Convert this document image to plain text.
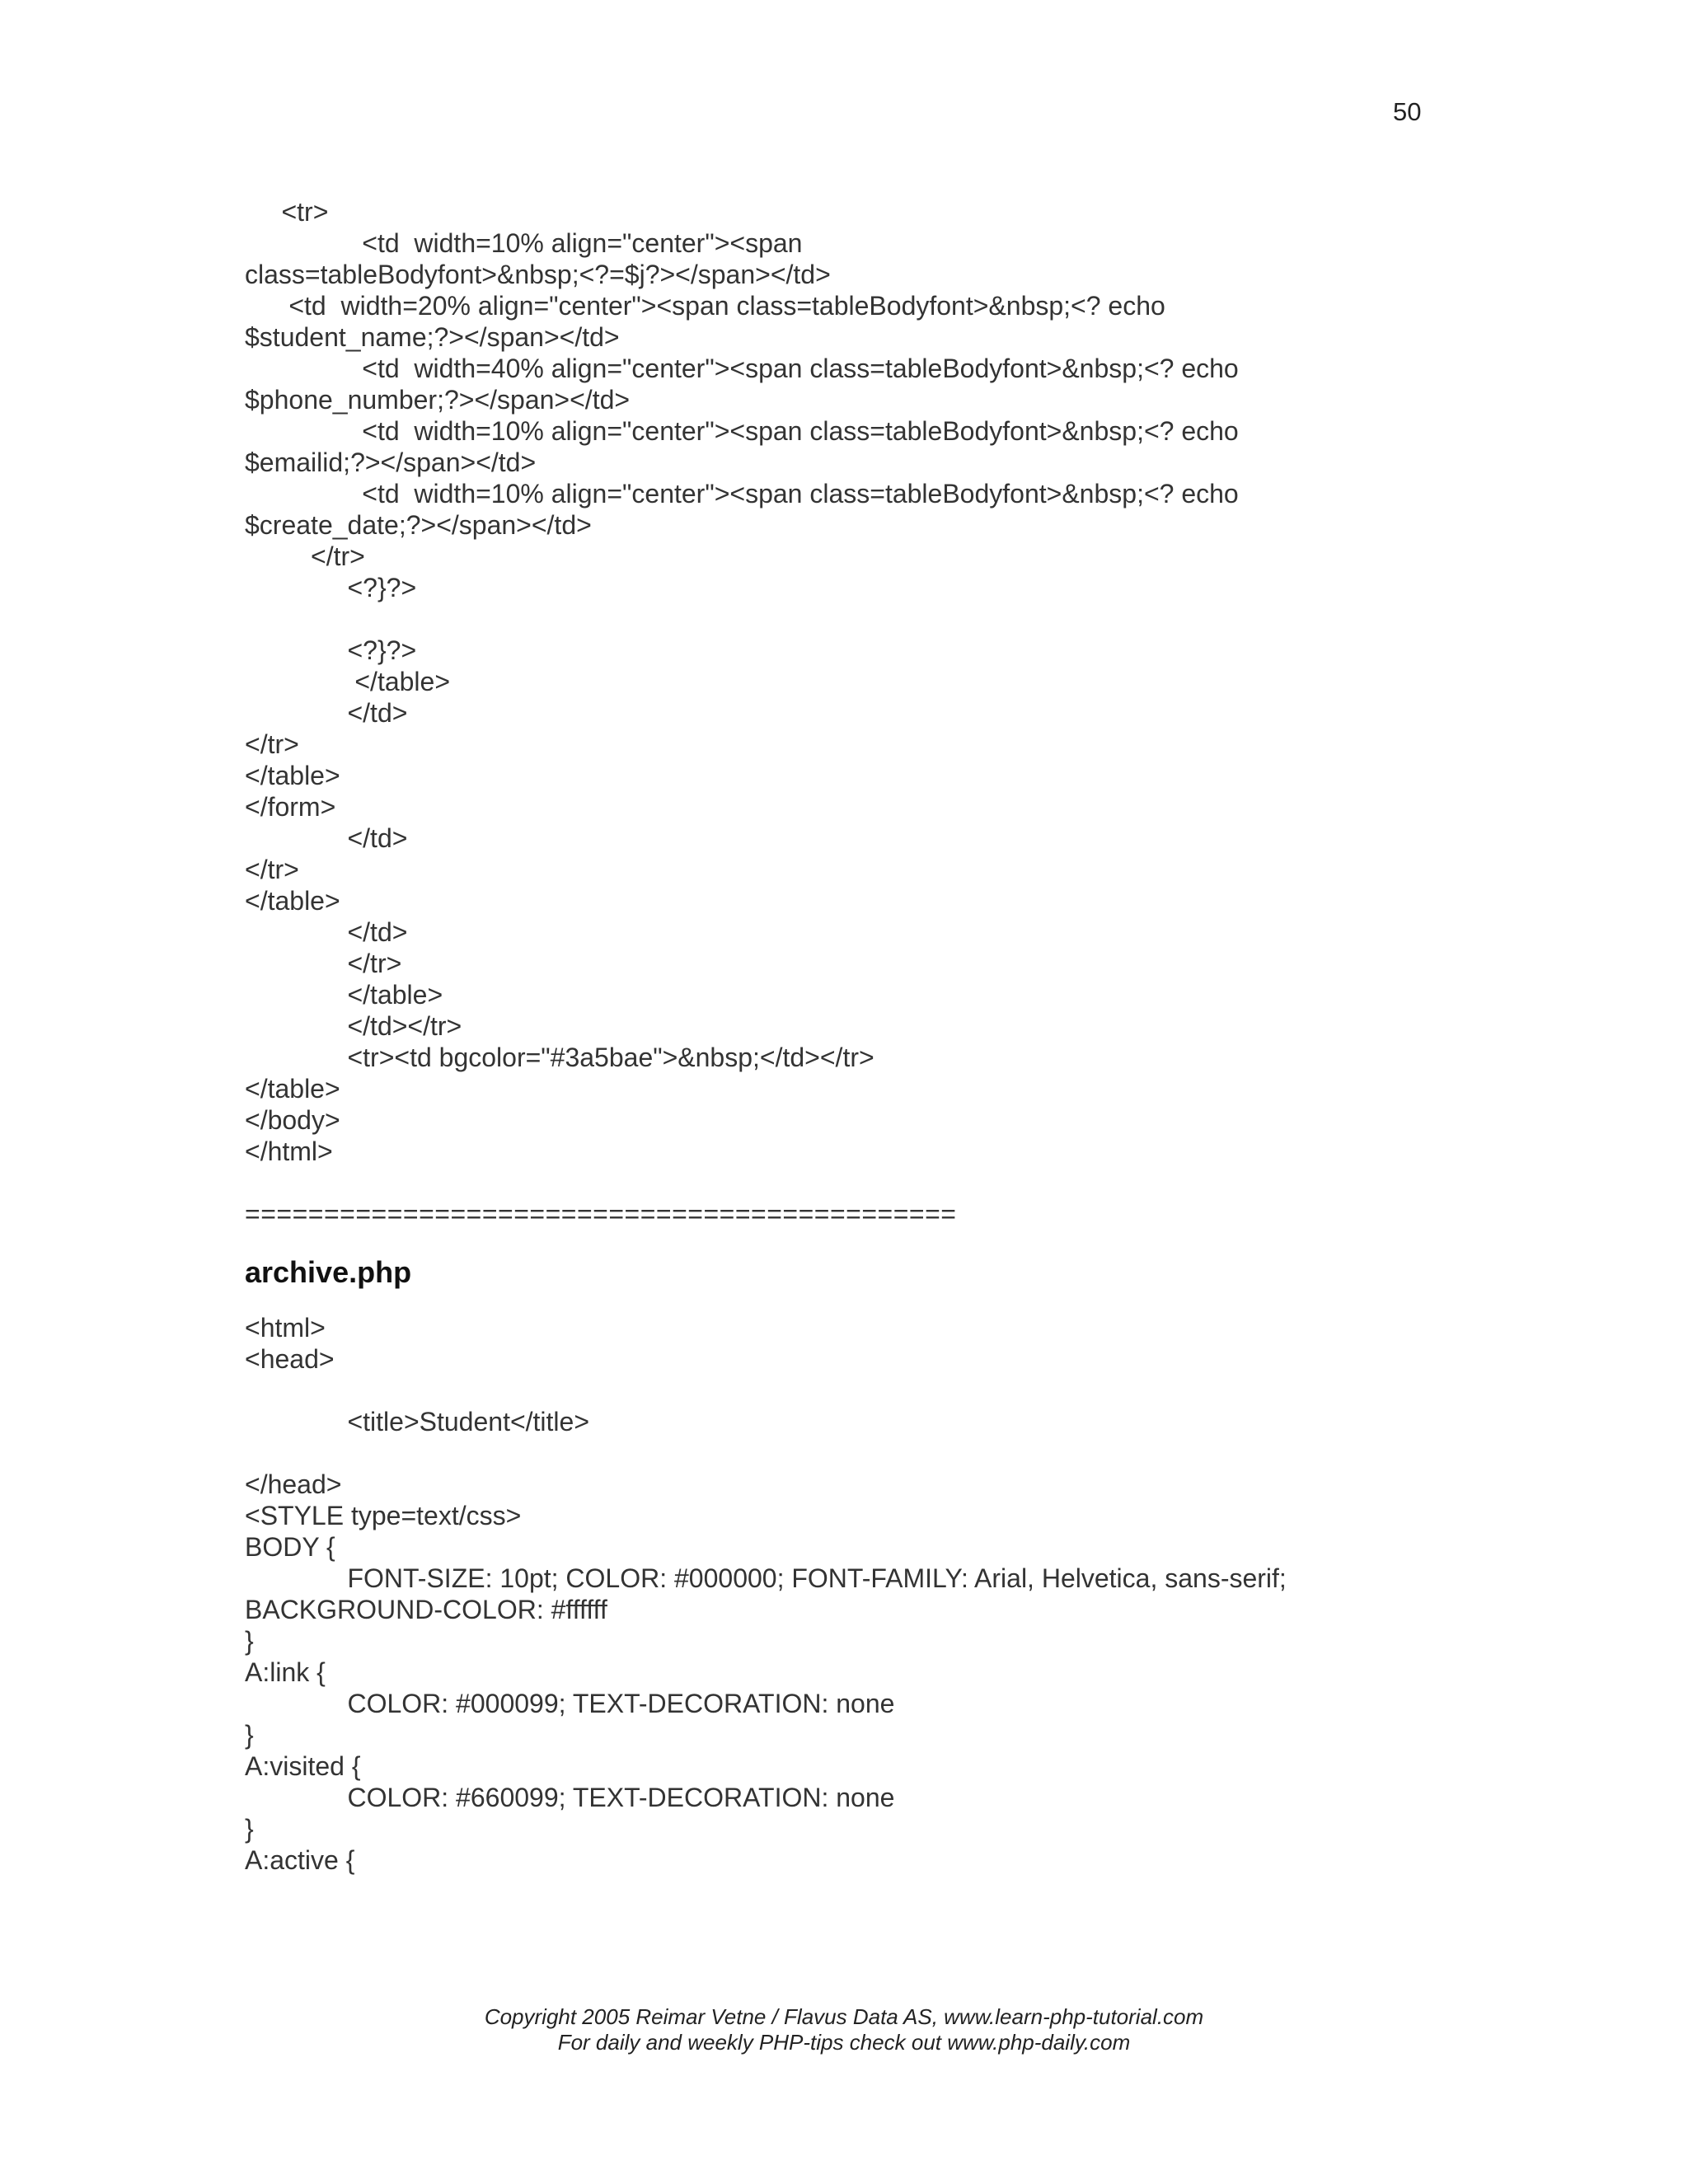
50
<tr>
<td  width=10% align="center"><span
class=tableBodyfont>&nbsp;<?=$j?></span></td>
<td  width=20% align="center"><span class=tableBodyfont>&nbsp;<? echo
$student_name;?></span></td>
<td  width=40% align="center"><span class=tableBodyfont>&nbsp;<? echo
$phone_number;?></span></td>
<td  width=10% align="center"><span class=tableBodyfont>&nbsp;<? echo
$emailid;?></span></td>
<td  width=10% align="center"><span class=tableBodyfont>&nbsp;<? echo
$create_date;?></span></td>
</tr>
<?}?>
<?}?>
</table>
</td>
</tr>
</table>
</form>
</td>
</tr>
</table>
</td>
</tr>
</table>
</td></tr>
<tr><td bgcolor="#3a5bae">&nbsp;</td></tr>
</table>
</body>
</html>
=============================================
archive.php
<html>
<head>
<title>Student</title>
</head>
<STYLE type=text/css>
BODY {
FONT-SIZE: 10pt; COLOR: #000000; FONT-FAMILY: Arial, Helvetica, sans-serif;
BACKGROUND-COLOR: #ffffff
}
A:link {
COLOR: #000099; TEXT-DECORATION: none
}
A:visited {
COLOR: #660099; TEXT-DECORATION: none
}
A:active {
Copyright 2005 Reimar Vetne / Flavus Data AS, www.learn-php-tutorial.com
For daily and weekly PHP-tips check out www.php-daily.com
